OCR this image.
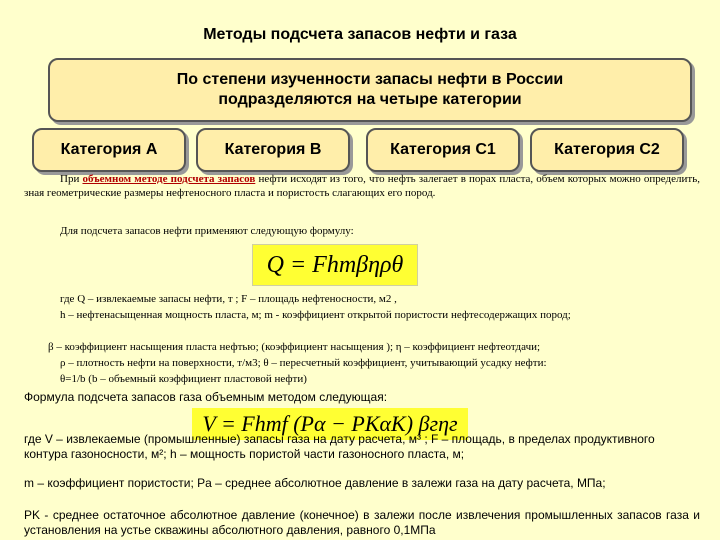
Методы подсчета запасов нефти и газа
По степени изученности запасы нефти в России
подразделяются на четыре категории
Категория А	Категория В	Категория С1	Категория С2
При объемном методе подсчета запасов нефти исходят из того, что нефть залегает в порах пласта, объем которых можно определить, зная геометрические размеры нефтеносного пласта и пористость слагающих его пород.
Для подсчета запасов нефти применяют следующую формулу:
Q = Fhmβηρθ
где Q – извлекаемые запасы нефти, т ; F – площадь нефтеносности, м2 ,
h – нефтенасыщенная мощность пласта, м; m - коэффициент открытой пористости нефтесодержащих пород;
β – коэффициент насыщения пласта нефтью; (коэффициент насыщения ); η – коэффициент нефтеотдачи;
ρ – плотность нефти на поверхности, т/м3; θ – пересчетный коэффициент, учитывающий усадку нефти:
θ=1/b (b – объемный коэффициент пластовой нефти)
Формула подсчета запасов газа объемным методом следующая:
V = Fhmf (Pα − PKαK) βгηг
где V – извлекаемые (промышленные) запасы газа на дату расчета, м³ ; F – площадь, в пределах продуктивного контура газоносности, м²; h – мощность пористой части газоносного пласта, м;
m – коэффициент пористости; Pa – среднее абсолютное давление в залежи газа на дату расчета, МПа;
PK - среднее остаточное абсолютное давление (конечное) в залежи после извлечения промышленных запасов газа и установления на устье скважины абсолютного давления, равного 0,1МПа
